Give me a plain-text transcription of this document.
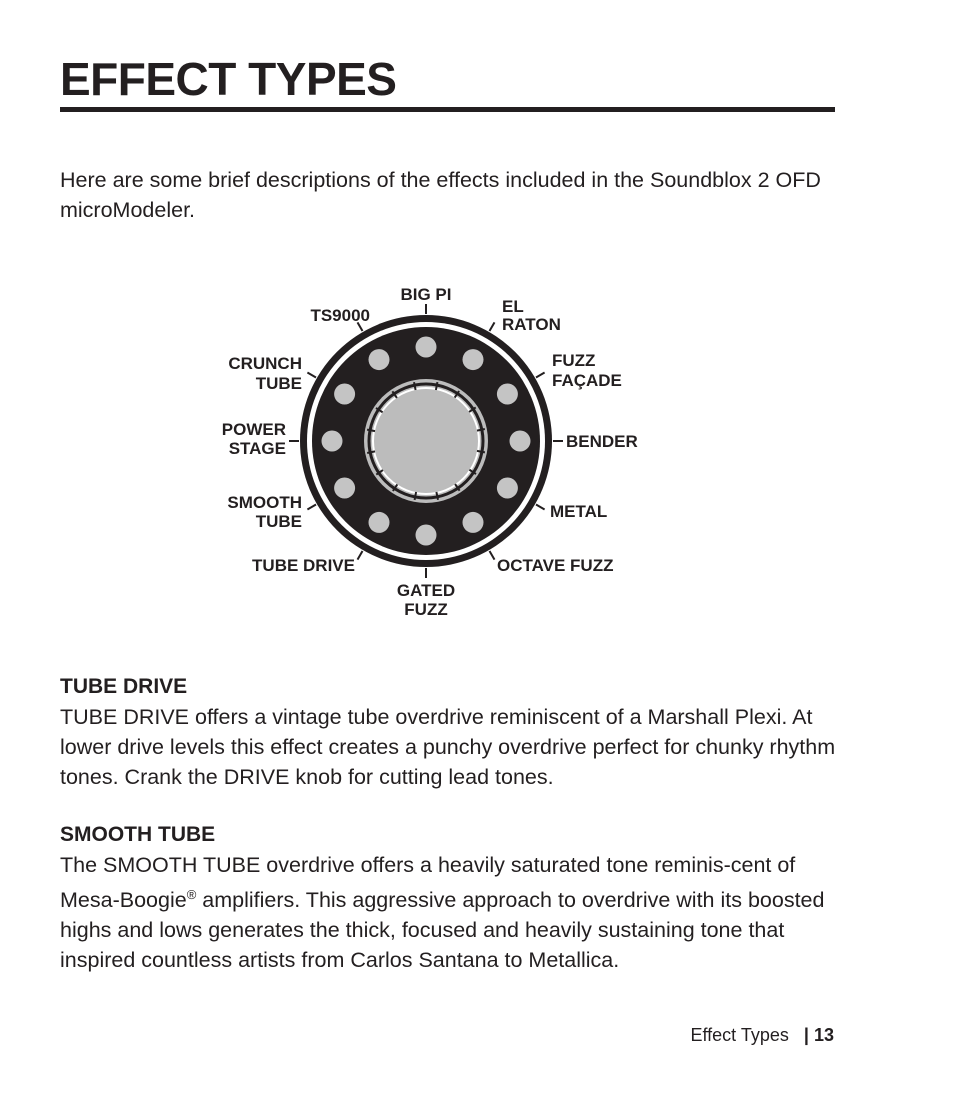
EFFECT TYPES

Here are some brief descriptions of the effects included in the Soundblox 2 OFD microModeler.

BIG PI
EL
RATON
TS9000
CRUNCH
TUBE
FUZZ
FAÇADE
POWER
STAGE	BENDER
SMOOTH
TUBE
METAL
TUBE DRIVE	OCTAVE FUZZ
GATED
FUZZ
TUBE DRIVE

TUBE DRIVE offers a vintage tube overdrive reminiscent of a Marshall Plexi. At lower drive levels this effect creates a punchy overdrive perfect for chunky rhythm tones. Crank the DRIVE knob for cutting lead tones.

SMOOTH TUBE

The SMOOTH TUBE overdrive offers a heavily saturated tone reminis-cent of Mesa-Boogie® amplifiers. This aggressive approach to overdrive with its boosted highs and lows generates the thick, focused and heavily sustaining tone that inspired countless artists from Carlos Santana to Metallica.

Effect Types | 13
